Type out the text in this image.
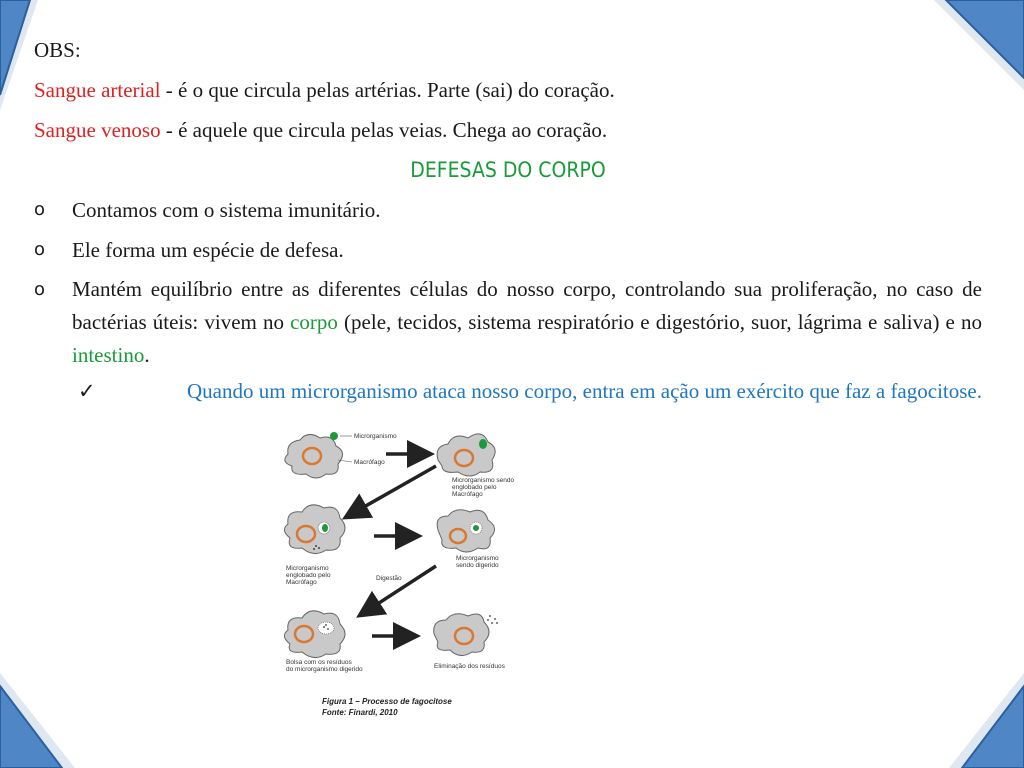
OBS:

Sangue arterial - é o que circula pelas artérias. Parte (sai) do coração.

Sangue venoso - é aquele que circula pelas veias. Chega ao coração.

DEFESAS DO CORPO

o	Contamos com o sistema imunitário.
o	Ele forma um espécie de defesa.
o	Mantém equilíbrio entre as diferentes células do nosso corpo, controlando sua proliferação, no caso de bactérias úteis: vivem no corpo (pele, tecidos, sistema respiratório e digestório, suor, lágrima e saliva) e no intestino.
✓	Quando um microrganismo ataca nosso corpo, entra em ação um exército que faz a fagocitose.
Microrganismo
Macrófago
Microrganismo sendo
englobado pelo
Macrófago
Microrganismo
englobado pelo
Macrófago
Microrganismo
sendo digerido
Digestão
Bolsa com os resíduos
do microrganismo digerido	Eliminação dos resíduos
Figura 1 – Processo de fagocitose
Fonte: Finardi, 2010
